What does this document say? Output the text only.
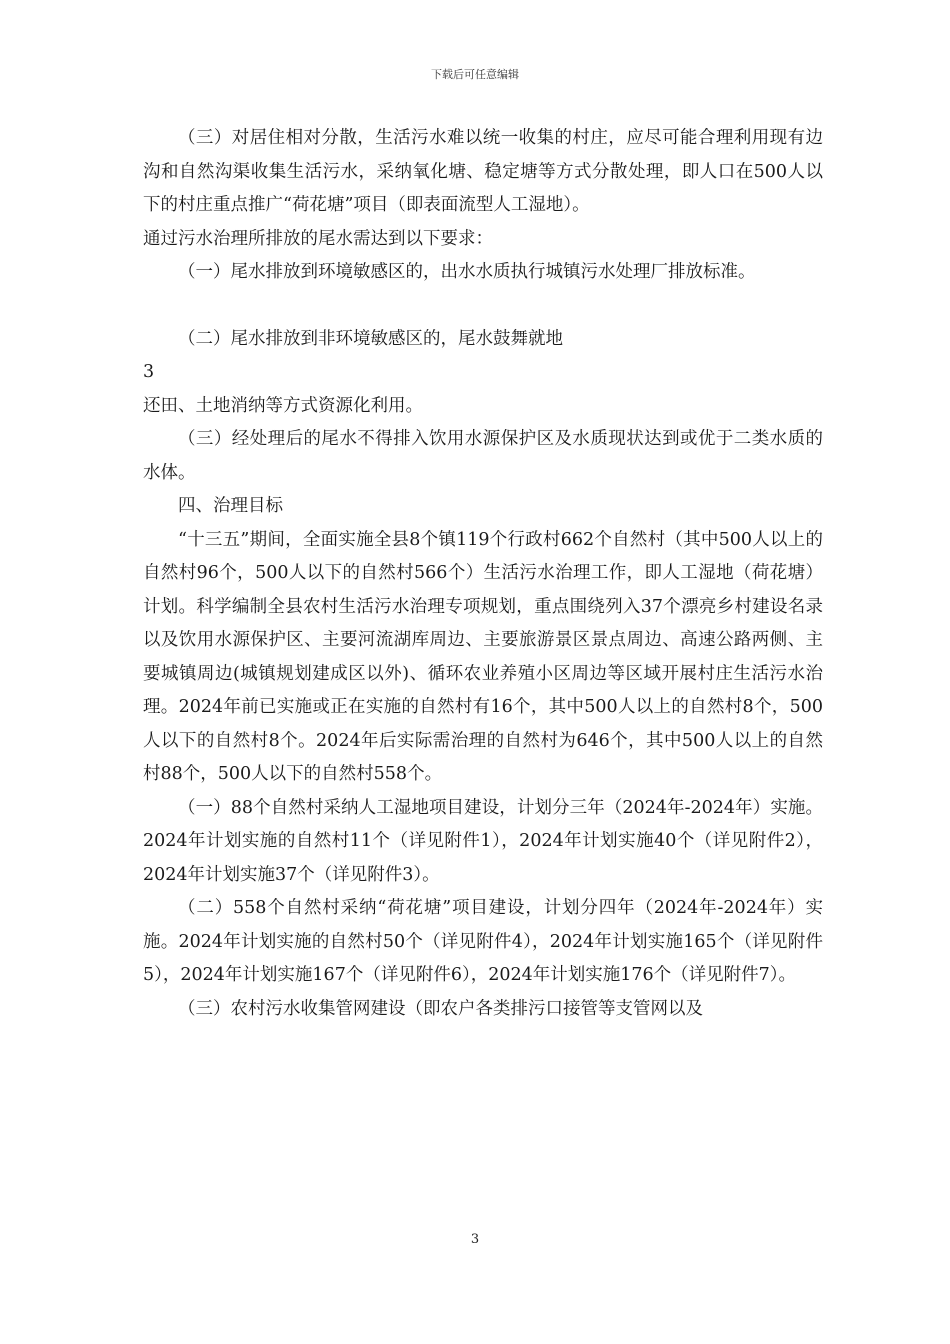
下载后可任意编辑

（三）对居住相对分散，生活污水难以统一收集的村庄，应尽可能合理利用现有边沟和自然沟渠收集生活污水，采纳氧化塘、稳定塘等方式分散处理，即人口在500人以下的村庄重点推广“荷花塘”项目（即表面流型人工湿地）。

通过污水治理所排放的尾水需达到以下要求：

（一）尾水排放到环境敏感区的，出水水质执行城镇污水处理厂排放标准。

（二）尾水排放到非环境敏感区的，尾水鼓舞就地

3

还田、土地消纳等方式资源化利用。

（三）经处理后的尾水不得排入饮用水源保护区及水质现状达到或优于二类水质的水体。

四、治理目标

“十三五”期间，全面实施全县8个镇119个行政村662个自然村（其中500人以上的自然村96个，500人以下的自然村566个）生活污水治理工作，即人工湿地（荷花塘）计划。科学编制全县农村生活污水治理专项规划，重点围绕列入37个漂亮乡村建设名录以及饮用水源保护区、主要河流湖库周边、主要旅游景区景点周边、高速公路两侧、主要城镇周边(城镇规划建成区以外)、循环农业养殖小区周边等区域开展村庄生活污水治理。2024年前已实施或正在实施的自然村有16个，其中500人以上的自然村8个，500人以下的自然村8个。2024年后实际需治理的自然村为646个，其中500人以上的自然村88个，500人以下的自然村558个。

（一）88个自然村采纳人工湿地项目建设，计划分三年（2024年-2024年）实施。2024年计划实施的自然村11个（详见附件1），2024年计划实施40个（详见附件2），2024年计划实施37个（详见附件3）。

（二）558个自然村采纳“荷花塘”项目建设，计划分四年（2024年-2024年）实施。2024年计划实施的自然村50个（详见附件4），2024年计划实施165个（详见附件5），2024年计划实施167个（详见附件6），2024年计划实施176个（详见附件7）。

（三）农村污水收集管网建设（即农户各类排污口接管等支管网以及

3
